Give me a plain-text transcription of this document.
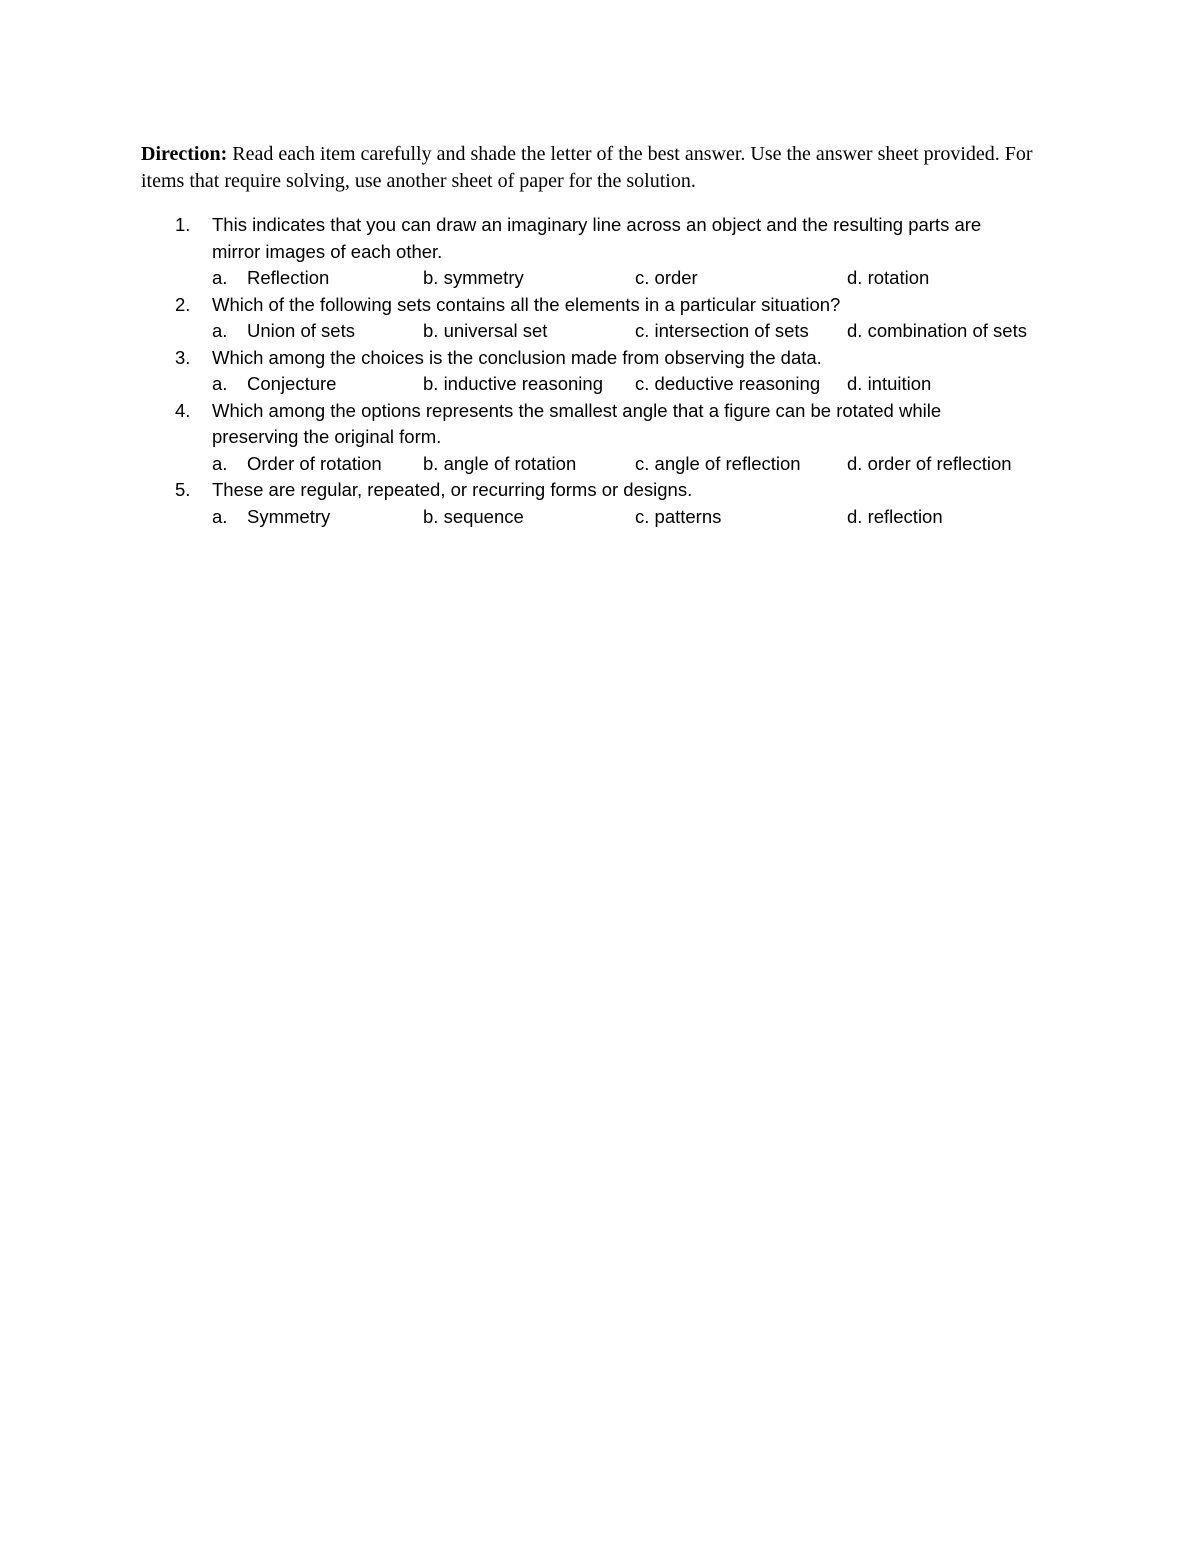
Direction: Read each item carefully and shade the letter of the best answer. Use the answer sheet provided. For items that require solving, use another sheet of paper for the solution.
1. This indicates that you can draw an imaginary line across an object and the resulting parts are
mirror images of each other.
a. Reflection	b. symmetry	c. order	d. rotation
2. Which of the following sets contains all the elements in a particular situation?
a. Union of sets	b. universal set	c. intersection of sets d. combination of sets
3. Which among the choices is the conclusion made from observing the data.
a. Conjecture	b. inductive reasoning c. deductive reasoning d. intuition
4. Which among the options represents the smallest angle that a figure can be rotated while
preserving the original form.
a. Order of rotation b. angle of rotation	c. angle of reflection	d. order of reflection
5. These are regular, repeated, or recurring forms or designs.
a. Symmetry	b. sequence	c. patterns	d. reflection
